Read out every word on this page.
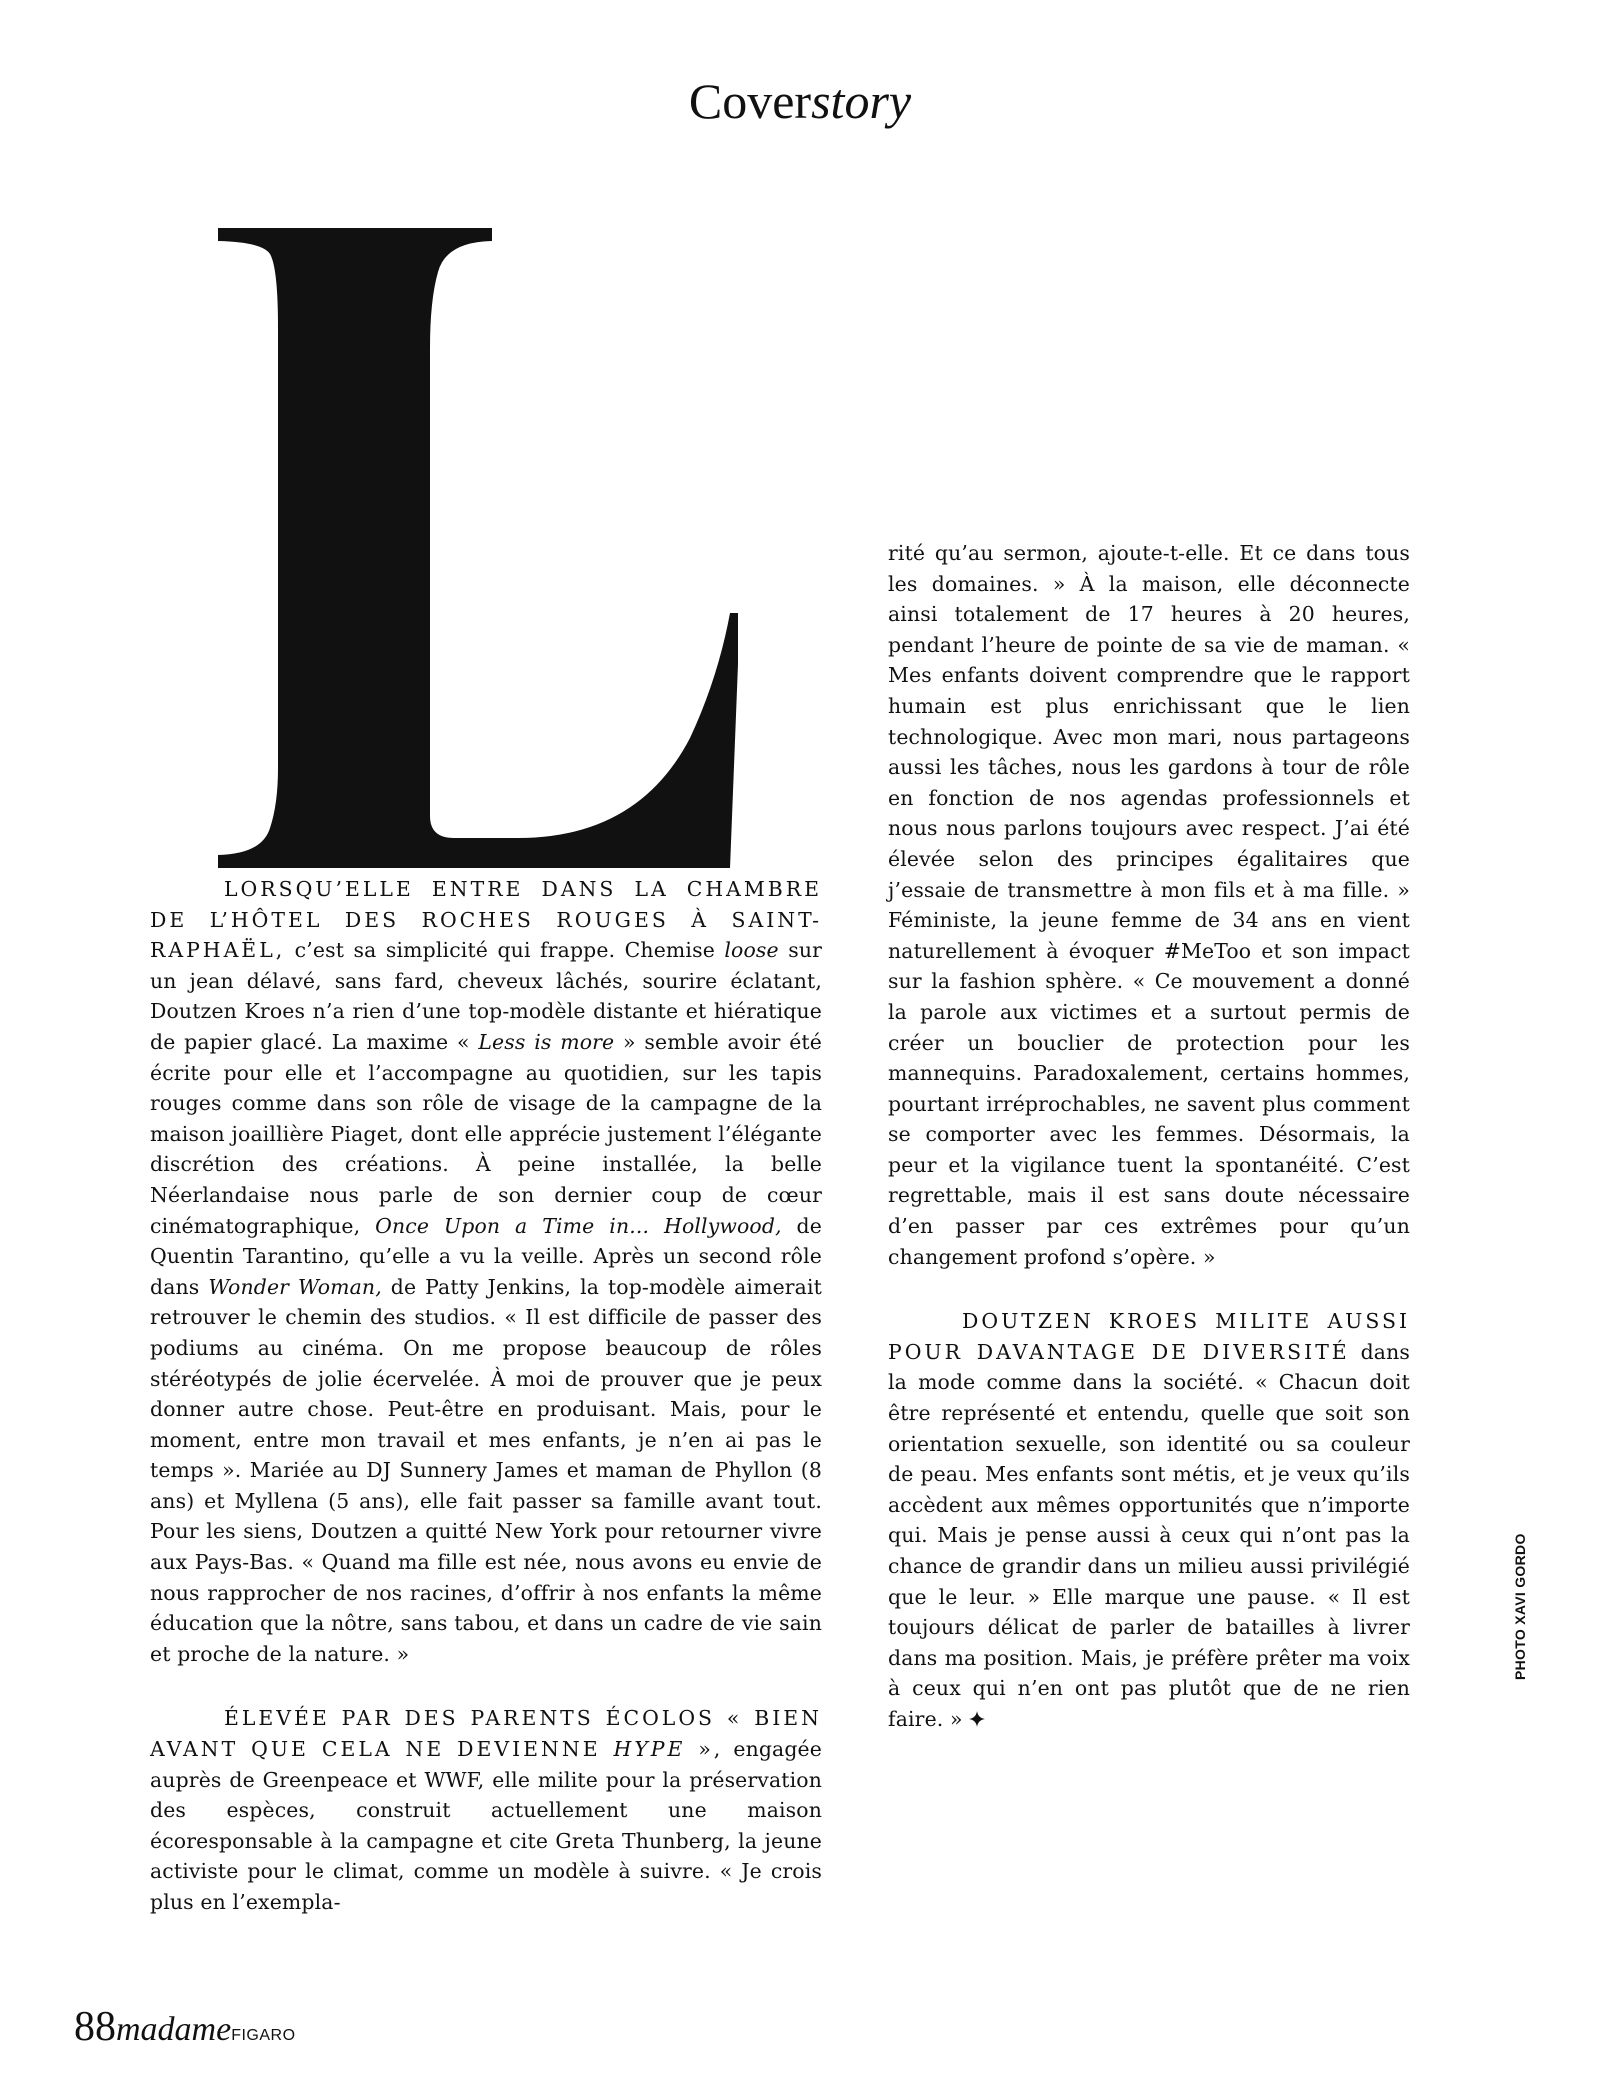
Coverstory

LORSQU’ELLE ENTRE DANS LA CHAMBRE DE L’HÔTEL DES ROCHES ROUGES À SAINT-RAPHAËL, c’est sa simplicité qui frappe. Chemise loose sur un jean délavé, sans fard, cheveux lâchés, sourire éclatant, Doutzen Kroes n’a rien d’une top-modèle distante et hiératique de papier glacé. La maxime « Less is more » semble avoir été écrite pour elle et l’accompagne au quotidien, sur les tapis rouges comme dans son rôle de visage de la campagne de la maison joaillière Piaget, dont elle apprécie justement l’élégante discrétion des créations. À peine installée, la belle Néerlandaise nous parle de son dernier coup de cœur cinématographique, Once Upon a Time in... Hollywood, de Quentin Tarantino, qu’elle a vu la veille. Après un second rôle dans Wonder Woman, de Patty Jenkins, la top-modèle aimerait retrouver le chemin des studios. « Il est difficile de passer des podiums au cinéma. On me propose beaucoup de rôles stéréotypés de jolie écervelée. À moi de prouver que je peux donner autre chose. Peut-être en produisant. Mais, pour le moment, entre mon travail et mes enfants, je n’en ai pas le temps ». Mariée au DJ Sunnery James et maman de Phyllon (8 ans) et Myllena (5 ans), elle fait passer sa famille avant tout. Pour les siens, Doutzen a quitté New York pour retourner vivre aux Pays-Bas. « Quand ma fille est née, nous avons eu envie de nous rapprocher de nos racines, d’offrir à nos enfants la même éducation que la nôtre, sans tabou, et dans un cadre de vie sain et proche de la nature. »

ÉLEVÉE PAR DES PARENTS ÉCOLOS « BIEN AVANT QUE CELA NE DEVIENNE HYPE », engagée auprès de Greenpeace et WWF, elle milite pour la préservation des espèces, construit actuellement une maison écoresponsable à la campagne et cite Greta Thunberg, la jeune activiste pour le climat, comme un modèle à suivre. « Je crois plus en l’exempla-

rité qu’au sermon, ajoute-t-elle. Et ce dans tous les domaines. » À la maison, elle déconnecte ainsi totalement de 17 heures à 20 heures, pendant l’heure de pointe de sa vie de maman. « Mes enfants doivent comprendre que le rapport humain est plus enrichissant que le lien technologique. Avec mon mari, nous partageons aussi les tâches, nous les gardons à tour de rôle en fonction de nos agendas professionnels et nous nous parlons toujours avec respect. J’ai été élevée selon des principes égalitaires que j’essaie de transmettre à mon fils et à ma fille. » Féministe, la jeune femme de 34 ans en vient naturellement à évoquer #MeToo et son impact sur la fashion sphère. « Ce mouvement a donné la parole aux victimes et a surtout permis de créer un bouclier de protection pour les mannequins. Paradoxalement, certains hommes, pourtant irréprochables, ne savent plus comment se comporter avec les femmes. Désormais, la peur et la vigilance tuent la spontanéité. C’est regrettable, mais il est sans doute nécessaire d’en passer par ces extrêmes pour qu’un changement profond s’opère. »

DOUTZEN KROES MILITE AUSSI POUR DAVANTAGE DE DIVERSITÉ dans la mode comme dans la société. « Chacun doit être représenté et entendu, quelle que soit son orientation sexuelle, son identité ou sa couleur de peau. Mes enfants sont métis, et je veux qu’ils accèdent aux mêmes opportunités que n’importe qui. Mais je pense aussi à ceux qui n’ont pas la chance de grandir dans un milieu aussi privilégié que le leur. » Elle marque une pause. « Il est toujours délicat de parler de batailles à livrer dans ma position. Mais, je préfère prêter ma voix à ceux qui n’en ont pas plutôt que de ne rien faire. »

PHOTO XAVI GORDO
88madameFIGARO
